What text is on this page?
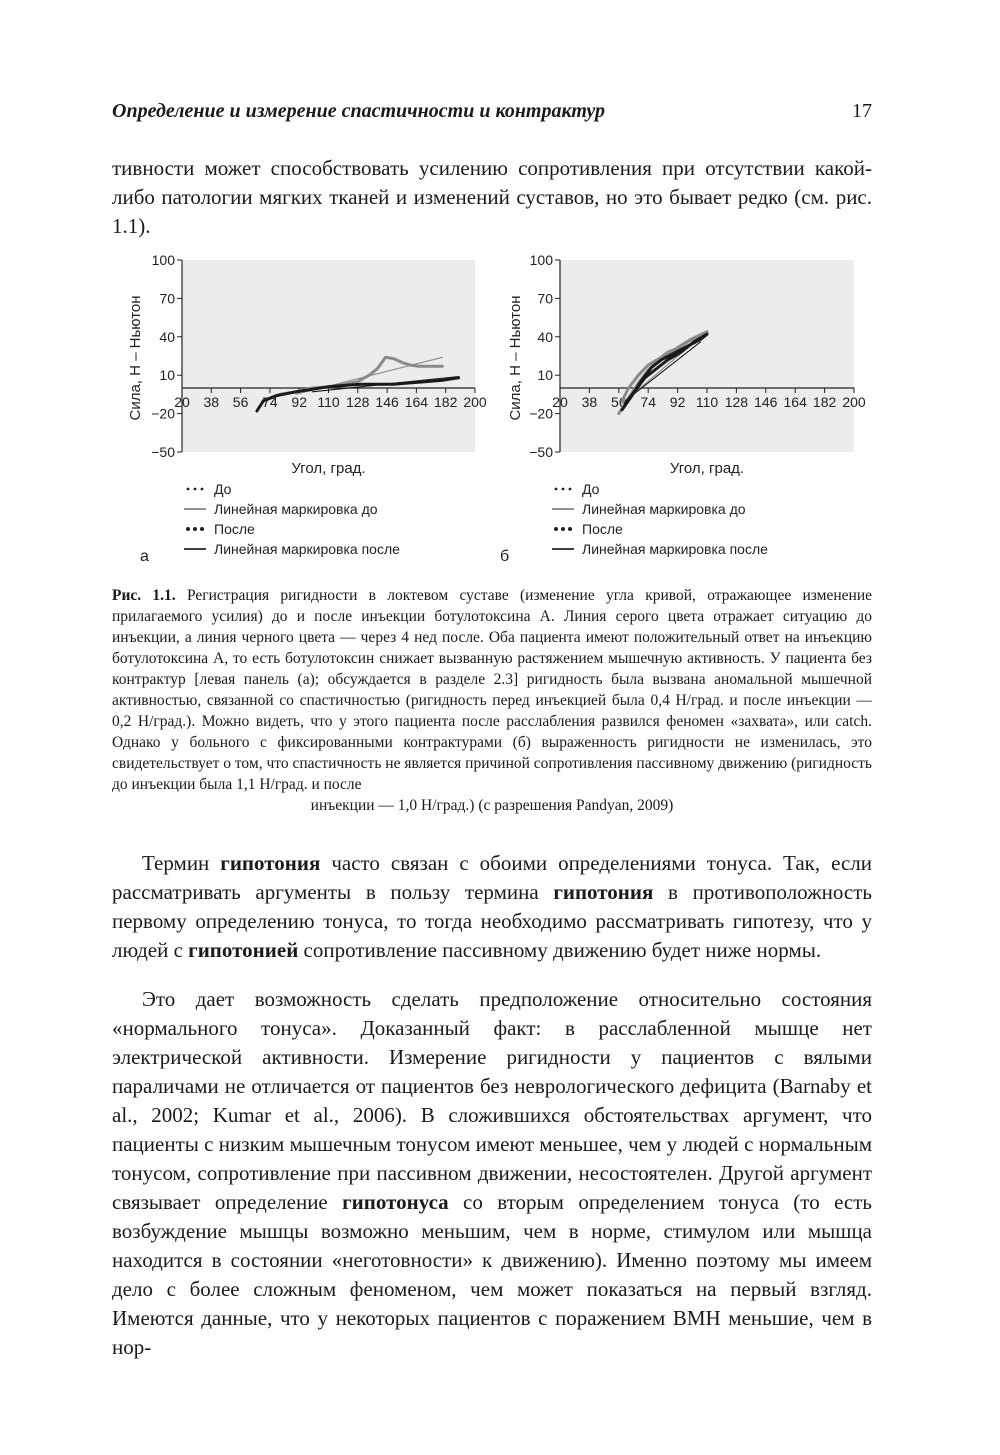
Определение и измерение спастичности и контрактур	17

тивности может способствовать усилению сопротивления при отсутствии какой-либо патологии мягких тканей и изменений суставов, но это бывает редко (см. рис. 1.1).

100
70
40
10
−20
−50
20 38 56 74 92 110 128 146 164 182 200
Сила, Н – Ньютон
Угол, град.
До
Линейная маркировка до
После
Линейная маркировка после
а
100
70
40
10
−20
−50
20 38 56 74 92 110 128 146 164 182 200
Сила, Н – Ньютон
Угол, град.
До
Линейная маркировка до
После
Линейная маркировка после
б

Рис. 1.1. Регистрация ригидности в локтевом суставе (изменение угла кривой, отражающее изменение прилагаемого усилия) до и после инъекции ботулотоксина А. Линия серого цвета отражает ситуацию до инъекции, а линия черного цвета — через 4 нед после. Оба пациента имеют положительный ответ на инъекцию ботулотоксина А, то есть ботулотоксин снижает вызванную растяжением мышечную активность. У пациента без контрактур [левая панель (а); обсуждается в разделе 2.3] ригидность была вызвана аномальной мышечной активностью, связанной со спастичностью (ригидность перед инъекцией была 0,4 Н/град. и после инъекции — 0,2 Н/град.). Можно видеть, что у этого пациента после расслабления развился феномен «захвата», или catch. Однако у больного с фиксированными контрактурами (б) выраженность ригидности не изменилась, это свидетельствует о том, что спастичность не является причиной сопротивления пассивному движению (ригидность до инъекции была 1,1 Н/град. и после
инъекции — 1,0 Н/град.) (с разрешения Pandyan, 2009)

Термин гипотония часто связан с обоими определениями тонуса. Так, если рассматривать аргументы в пользу термина гипотония в противоположность первому определению тонуса, то тогда необходимо рассматривать гипотезу, что у людей с гипотонией сопротивление пассивному движению будет ниже нормы.

Это дает возможность сделать предположение относительно состояния «нормального тонуса». Доказанный факт: в расслабленной мышце нет электрической активности. Измерение ригидности у пациентов с вялыми параличами не отличается от пациентов без неврологического дефицита (Barnaby et al., 2002; Kumar et al., 2006). В сложившихся обстоятельствах аргумент, что пациенты с низким мышечным тонусом имеют меньшее, чем у людей с нормальным тонусом, сопротивление при пассивном движении, несостоятелен. Другой аргумент связывает определение гипотонуса со вторым определением тонуса (то есть возбуждение мышцы возможно меньшим, чем в норме, стимулом или мышца находится в состоянии «неготовности» к движению). Именно поэтому мы имеем дело с более сложным феноменом, чем может показаться на первый взгляд. Имеются данные, что у некоторых пациентов с поражением ВМН меньшие, чем в нор-
